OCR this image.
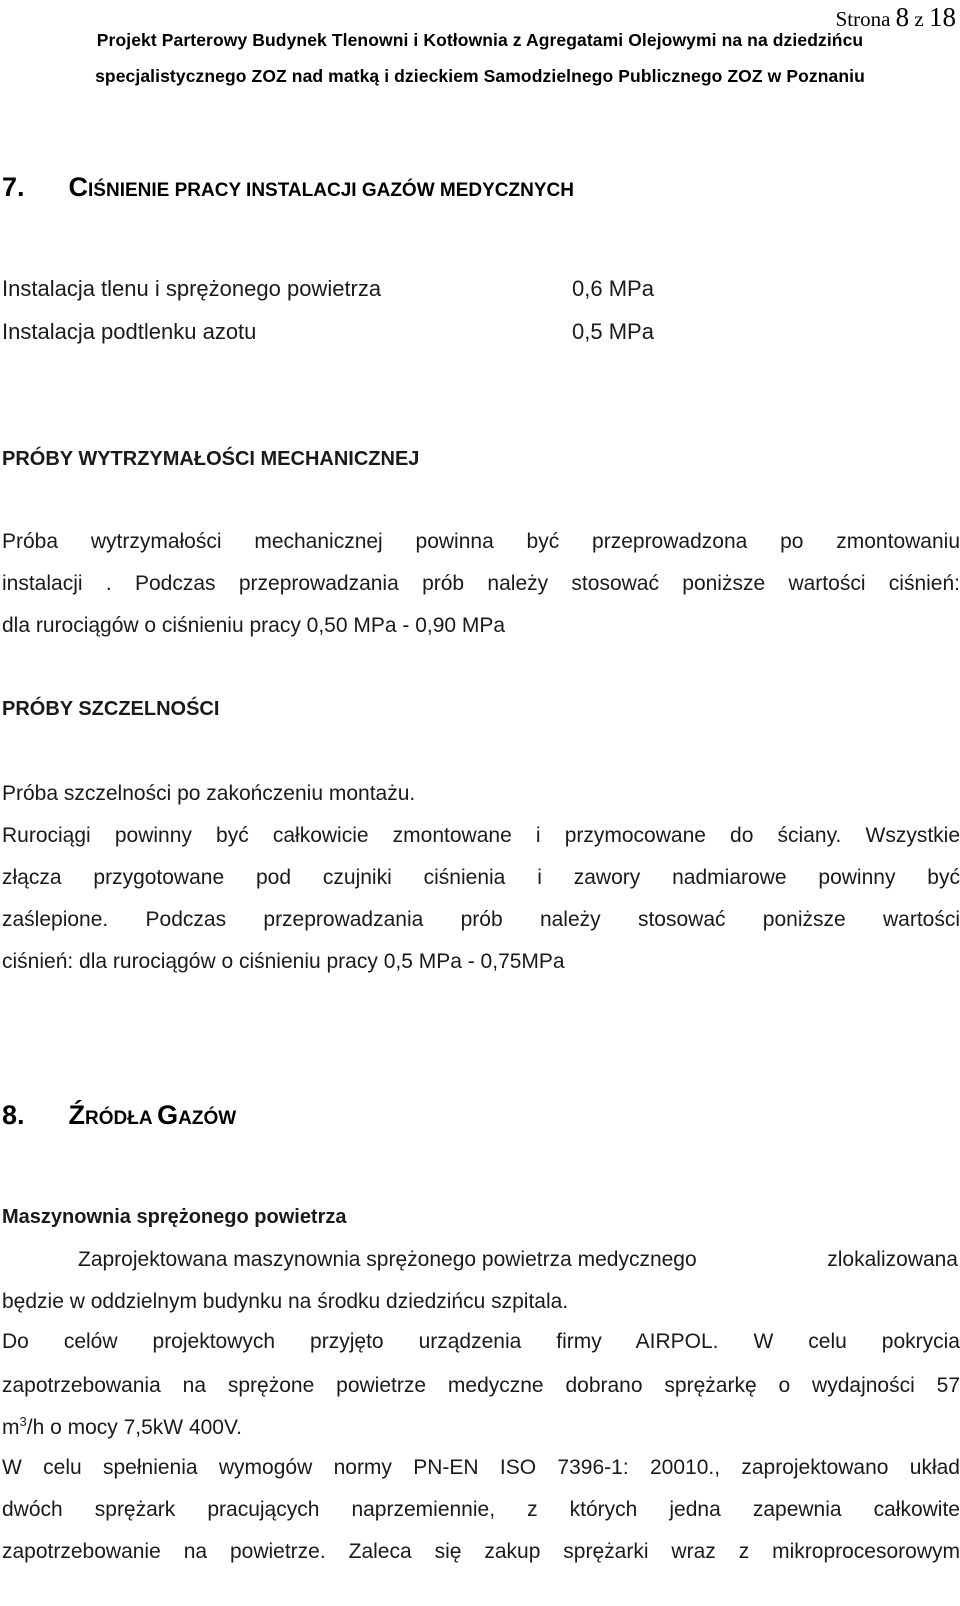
Strona 8 z 18
Projekt Parterowy Budynek Tlenowni i Kotłownia z Agregatami Olejowymi na na dziedzińcu
specjalistycznego ZOZ nad matką i dzieckiem Samodzielnego Publicznego ZOZ w Poznaniu
7. CIŚNIENIE PRACY INSTALACJI GAZÓW MEDYCZNYCH
Instalacja tlenu i sprężonego powietrza	0,6 MPa
Instalacja podtlenku azotu	0,5 MPa
PRÓBY WYTRZYMAŁOŚCI MECHANICZNEJ
Próba wytrzymałości mechanicznej powinna być przeprowadzona po zmontowaniu
instalacji . Podczas przeprowadzania prób należy stosować poniższe wartości ciśnień:
dla rurociągów o ciśnieniu pracy 0,50 MPa - 0,90 MPa
PRÓBY SZCZELNOŚCI
Próba szczelności po zakończeniu montażu.
Rurociągi powinny być całkowicie zmontowane i przymocowane do ściany. Wszystkie
złącza przygotowane pod czujniki ciśnienia i zawory nadmiarowe powinny być
zaślepione. Podczas przeprowadzania prób należy stosować poniższe wartości
ciśnień: dla rurociągów o ciśnieniu pracy 0,5 MPa - 0,75MPa
8. ŹRÓDŁA GAZÓW
Maszynownia sprężonego powietrza
Zaprojektowana maszynownia sprężonego powietrza medycznego	zlokalizowana
będzie w oddzielnym budynku na środku dziedzińcu szpitala.
Do celów projektowych przyjęto urządzenia firmy AIRPOL. W celu pokrycia
zapotrzebowania na sprężone powietrze medyczne dobrano sprężarkę o wydajności 57
$m^3/h$ o mocy 7,5kW 400V.
W celu spełnienia wymogów normy PN-EN ISO 7396-1: 20010., zaprojektowano układ
dwóch sprężark pracujących naprzemiennie, z których jedna zapewnia całkowite
zapotrzebowanie na powietrze. Zaleca się zakup sprężarki wraz z mikroprocesorowym
